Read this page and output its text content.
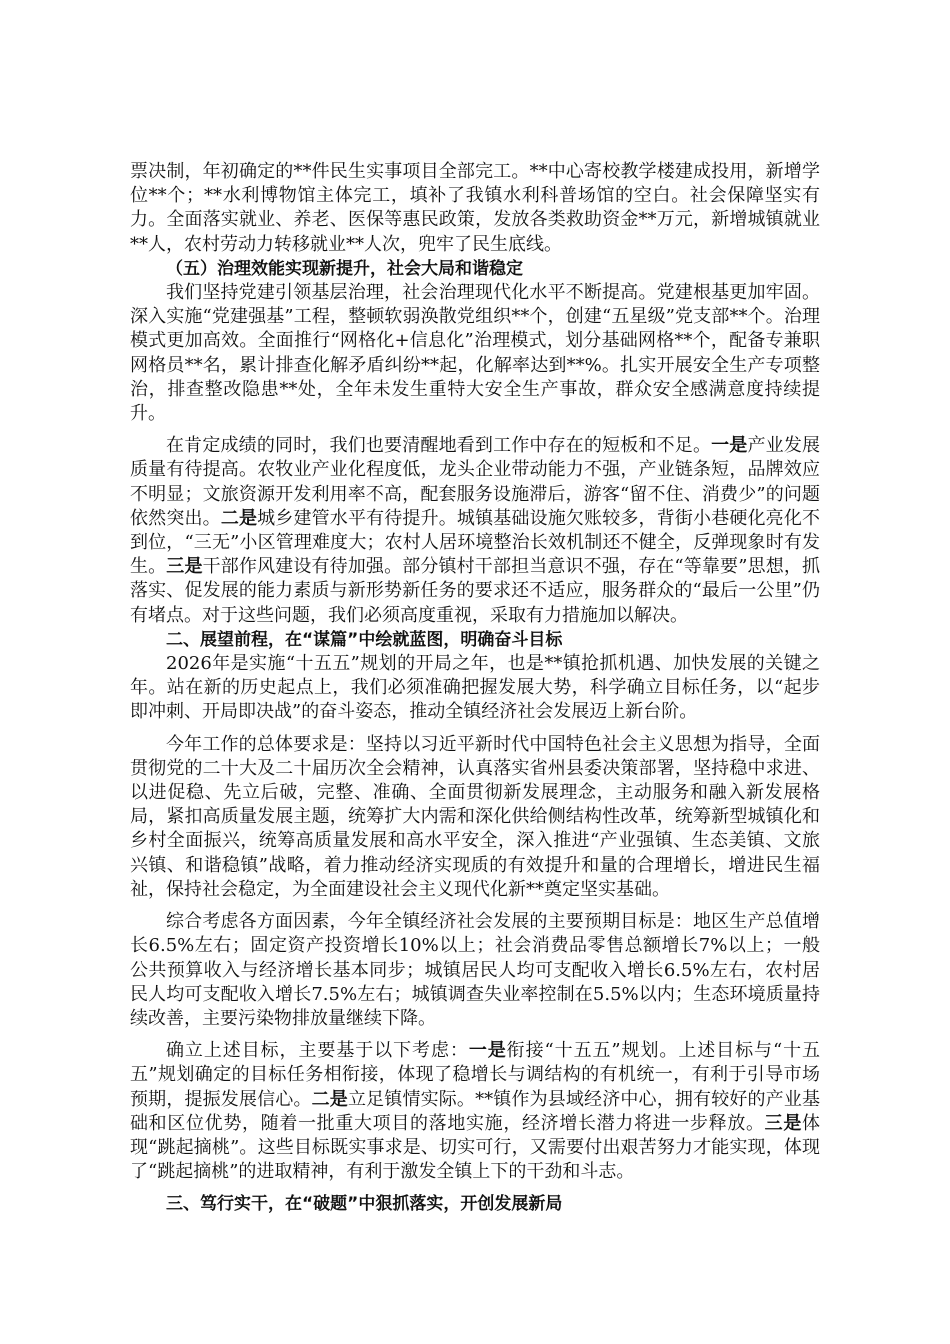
票决制，年初确定的**件民生实事项目全部完工。**中心寄校教学楼建成投用，新增学位**个；**水利博物馆主体完工，填补了我镇水利科普场馆的空白。社会保障坚实有力。全面落实就业、养老、医保等惠民政策，发放各类救助资金**万元，新增城镇就业**人，农村劳动力转移就业**人次，兜牢了民生底线。

（五）治理效能实现新提升，社会大局和谐稳定

我们坚持党建引领基层治理，社会治理现代化水平不断提高。党建根基更加牢固。深入实施“党建强基”工程，整顿软弱涣散党组织**个，创建“五星级”党支部**个。治理模式更加高效。全面推行“网格化+信息化”治理模式，划分基础网格**个，配备专兼职网格员**名，累计排查化解矛盾纠纷**起，化解率达到**%。扎实开展安全生产专项整治，排查整改隐患**处，全年未发生重特大安全生产事故，群众安全感满意度持续提升。

在肯定成绩的同时，我们也要清醒地看到工作中存在的短板和不足。一是产业发展质量有待提高。农牧业产业化程度低，龙头企业带动能力不强，产业链条短，品牌效应不明显；文旅资源开发利用率不高，配套服务设施滞后，游客“留不住、消费少”的问题依然突出。二是城乡建管水平有待提升。城镇基础设施欠账较多，背街小巷硬化亮化不到位，“三无”小区管理难度大；农村人居环境整治长效机制还不健全，反弹现象时有发生。三是干部作风建设有待加强。部分镇村干部担当意识不强，存在“等靠要”思想，抓落实、促发展的能力素质与新形势新任务的要求还不适应，服务群众的“最后一公里”仍有堵点。对于这些问题，我们必须高度重视，采取有力措施加以解决。

二、展望前程，在“谋篇”中绘就蓝图，明确奋斗目标

2026年是实施“十五五”规划的开局之年，也是**镇抢抓机遇、加快发展的关键之年。站在新的历史起点上，我们必须准确把握发展大势，科学确立目标任务，以“起步即冲刺、开局即决战”的奋斗姿态，推动全镇经济社会发展迈上新台阶。

今年工作的总体要求是：坚持以习近平新时代中国特色社会主义思想为指导，全面贯彻党的二十大及二十届历次全会精神，认真落实省州县委决策部署，坚持稳中求进、以进促稳、先立后破，完整、准确、全面贯彻新发展理念，主动服务和融入新发展格局，紧扣高质量发展主题，统筹扩大内需和深化供给侧结构性改革，统筹新型城镇化和乡村全面振兴，统筹高质量发展和高水平安全，深入推进“产业强镇、生态美镇、文旅兴镇、和谐稳镇”战略，着力推动经济实现质的有效提升和量的合理增长，增进民生福祉，保持社会稳定，为全面建设社会主义现代化新**奠定坚实基础。

综合考虑各方面因素，今年全镇经济社会发展的主要预期目标是：地区生产总值增长6.5%左右；固定资产投资增长10%以上；社会消费品零售总额增长7%以上；一般公共预算收入与经济增长基本同步；城镇居民人均可支配收入增长6.5%左右，农村居民人均可支配收入增长7.5%左右；城镇调查失业率控制在5.5%以内；生态环境质量持续改善，主要污染物排放量继续下降。

确立上述目标，主要基于以下考虑：一是衔接“十五五”规划。上述目标与“十五五”规划确定的目标任务相衔接，体现了稳增长与调结构的有机统一，有利于引导市场预期，提振发展信心。二是立足镇情实际。**镇作为县域经济中心，拥有较好的产业基础和区位优势，随着一批重大项目的落地实施，经济增长潜力将进一步释放。三是体现“跳起摘桃”。这些目标既实事求是、切实可行，又需要付出艰苦努力才能实现，体现了“跳起摘桃”的进取精神，有利于激发全镇上下的干劲和斗志。

三、笃行实干，在“破题”中狠抓落实，开创发展新局
